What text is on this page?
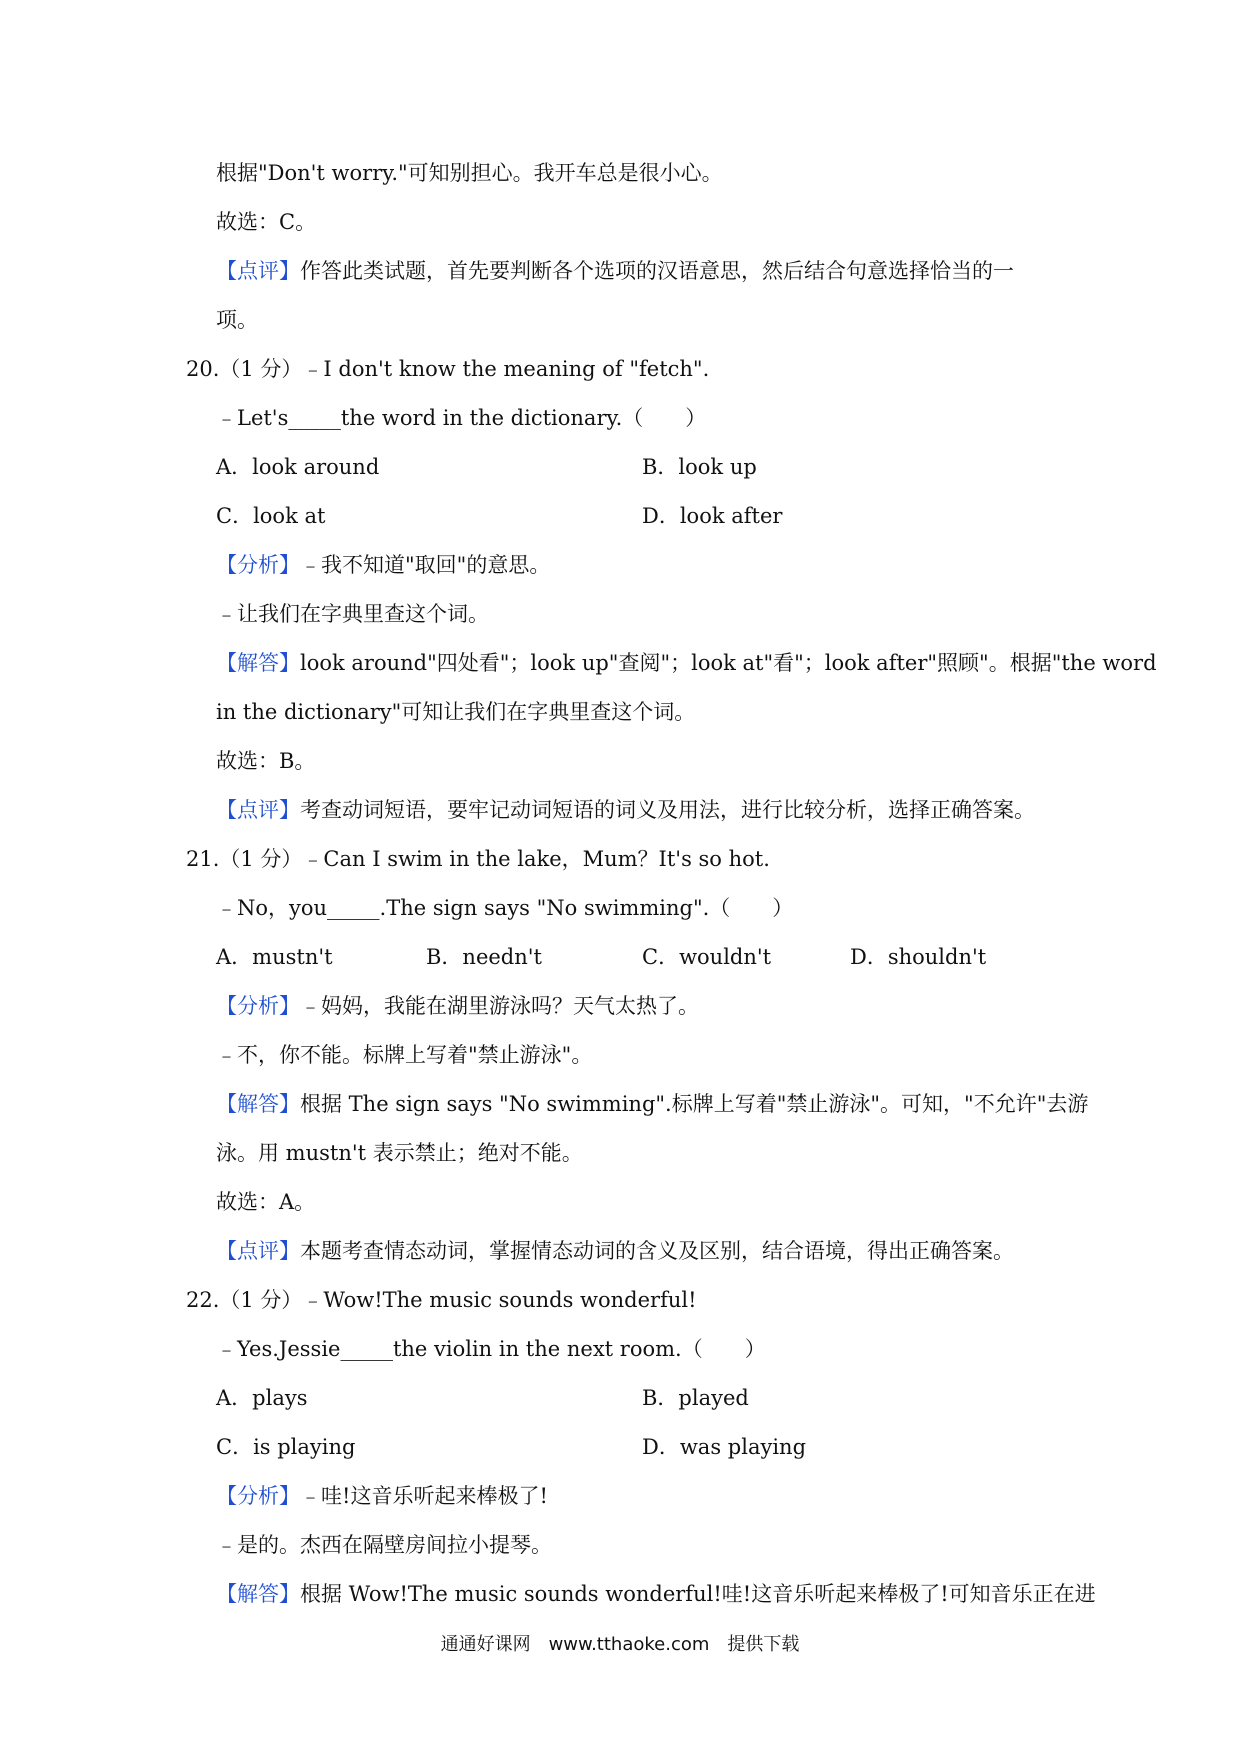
根据"Don't worry."可知别担心。我开车总是很小心。
故选：C。
【点评】作答此类试题，首先要判断各个选项的汉语意思，然后结合句意选择恰当的一
项。
20.（1 分）﹣I don't know the meaning of "fetch".
﹣Let's_____the word in the dictionary.（　　）
A．look around	B．look up
C．look at	D．look after
【分析】﹣我不知道"取回"的意思。
﹣让我们在字典里查这个词。
【解答】look around"四处看"；look up"查阅"；look at"看"；look after"照顾"。根据"the word
in the dictionary"可知让我们在字典里查这个词。
故选：B。
【点评】考查动词短语，要牢记动词短语的词义及用法，进行比较分析，选择正确答案。
21.（1 分）﹣Can I swim in the lake，Mum？It's so hot.
﹣No，you_____.The sign says "No swimming".（　　）
A．mustn't	B．needn't	C．wouldn't	D．shouldn't
【分析】﹣妈妈，我能在湖里游泳吗？天气太热了。
﹣不，你不能。标牌上写着"禁止游泳"。
【解答】根据 The sign says "No swimming".标牌上写着"禁止游泳"。可知，"不允许"去游
泳。用 mustn't 表示禁止；绝对不能。
故选：A。
【点评】本题考查情态动词，掌握情态动词的含义及区别，结合语境，得出正确答案。
22.（1 分）﹣Wow!The music sounds wonderful!
﹣Yes.Jessie_____the violin in the next room.（　　）
A．plays	B．played
C．is playing	D．was playing
【分析】﹣哇!这音乐听起来棒极了!
﹣是的。杰西在隔壁房间拉小提琴。
【解答】根据 Wow!The music sounds wonderful!哇!这音乐听起来棒极了!可知音乐正在进
通通好课网　www.tthaoke.com　提供下载
